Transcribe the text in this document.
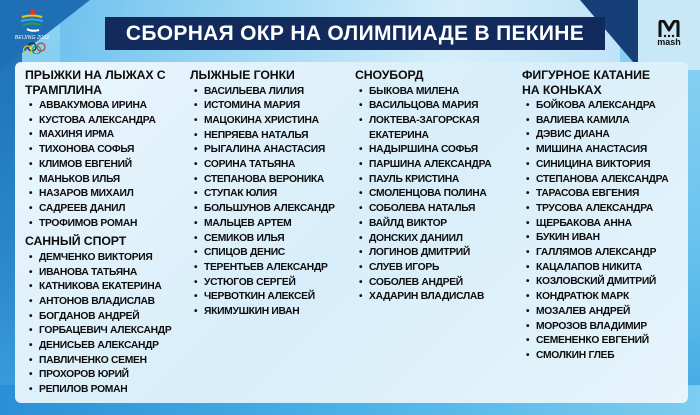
BEIJING 2022	СБОРНАЯ ОКР НА ОЛИМПИАДЕ В ПЕКИНЕ	mash
ПРЫЖКИ НА ЛЫЖАХ С ТРАМПЛИНА
• АВВАКУМОВА ИРИНА
• КУСТОВА АЛЕКСАНДРА
• МАХИНЯ ИРМА
• ТИХОНОВА СОФЬЯ
• КЛИМОВ ЕВГЕНИЙ
• МАНЬКОВ ИЛЬЯ
• НАЗАРОВ МИХАИЛ
• САДРЕЕВ ДАНИЛ
• ТРОФИМОВ РОМАН
САННЫЙ СПОРТ
• ДЕМЧЕНКО ВИКТОРИЯ
• ИВАНОВА ТАТЬЯНА
• КАТНИКОВА ЕКАТЕРИНА
• АНТОНОВ ВЛАДИСЛАВ
• БОГДАНОВ АНДРЕЙ
• ГОРБАЦЕВИЧ АЛЕКСАНДР
• ДЕНИСЬЕВ АЛЕКСАНДР
• ПАВЛИЧЕНКО СЕМЕН
• ПРОХОРОВ ЮРИЙ
• РЕПИЛОВ РОМАН
ЛЫЖНЫЕ ГОНКИ
• ВАСИЛЬЕВА ЛИЛИЯ
• ИСТОМИНА МАРИЯ
• МАЦОКИНА ХРИСТИНА
• НЕПРЯЕВА НАТАЛЬЯ
• РЫГАЛИНА АНАСТАСИЯ
• СОРИНА ТАТЬЯНА
• СТЕПАНОВА ВЕРОНИКА
• СТУПАК ЮЛИЯ
• БОЛЬШУНОВ АЛЕКСАНДР
• МАЛЬЦЕВ АРТЕМ
• СЕМИКОВ ИЛЬЯ
• СПИЦОВ ДЕНИС
• ТЕРЕНТЬЕВ АЛЕКСАНДР
• УСТЮГОВ СЕРГЕЙ
• ЧЕРВОТКИН АЛЕКСЕЙ
• ЯКИМУШКИН ИВАН
СНОУБОРД
• БЫКОВА МИЛЕНА
• ВАСИЛЬЦОВА МАРИЯ
• ЛОКТЕВА-ЗАГОРСКАЯ ЕКАТЕРИНА
• НАДЫРШИНА СОФЬЯ
• ПАРШИНА АЛЕКСАНДРА
• ПАУЛЬ КРИСТИНА
• СМОЛЕНЦОВА ПОЛИНА
• СОБОЛЕВА НАТАЛЬЯ
• ВАЙЛД ВИКТОР
• ДОНСКИХ ДАНИИЛ
• ЛОГИНОВ ДМИТРИЙ
• СЛУЕВ ИГОРЬ
• СОБОЛЕВ АНДРЕЙ
• ХАДАРИН ВЛАДИСЛАВ
ФИГУРНОЕ КАТАНИЕ НА КОНЬКАХ
• БОЙКОВА АЛЕКСАНДРА
• ВАЛИЕВА КАМИЛА
• ДЭВИС ДИАНА
• МИШИНА АНАСТАСИЯ
• СИНИЦИНА ВИКТОРИЯ
• СТЕПАНОВА АЛЕКСАНДРА
• ТАРАСОВА ЕВГЕНИЯ
• ТРУСОВА АЛЕКСАНДРА
• ЩЕРБАКОВА АННА
• БУКИН ИВАН
• ГАЛЛЯМОВ АЛЕКСАНДР
• КАЦАЛАПОВ НИКИТА
• КОЗЛОВСКИЙ ДМИТРИЙ
• КОНДРАТЮК МАРК
• МОЗАЛЕВ АНДРЕЙ
• МОРОЗОВ ВЛАДИМИР
• СЕМЕНЕНКО ЕВГЕНИЙ
• СМОЛКИН ГЛЕБ
